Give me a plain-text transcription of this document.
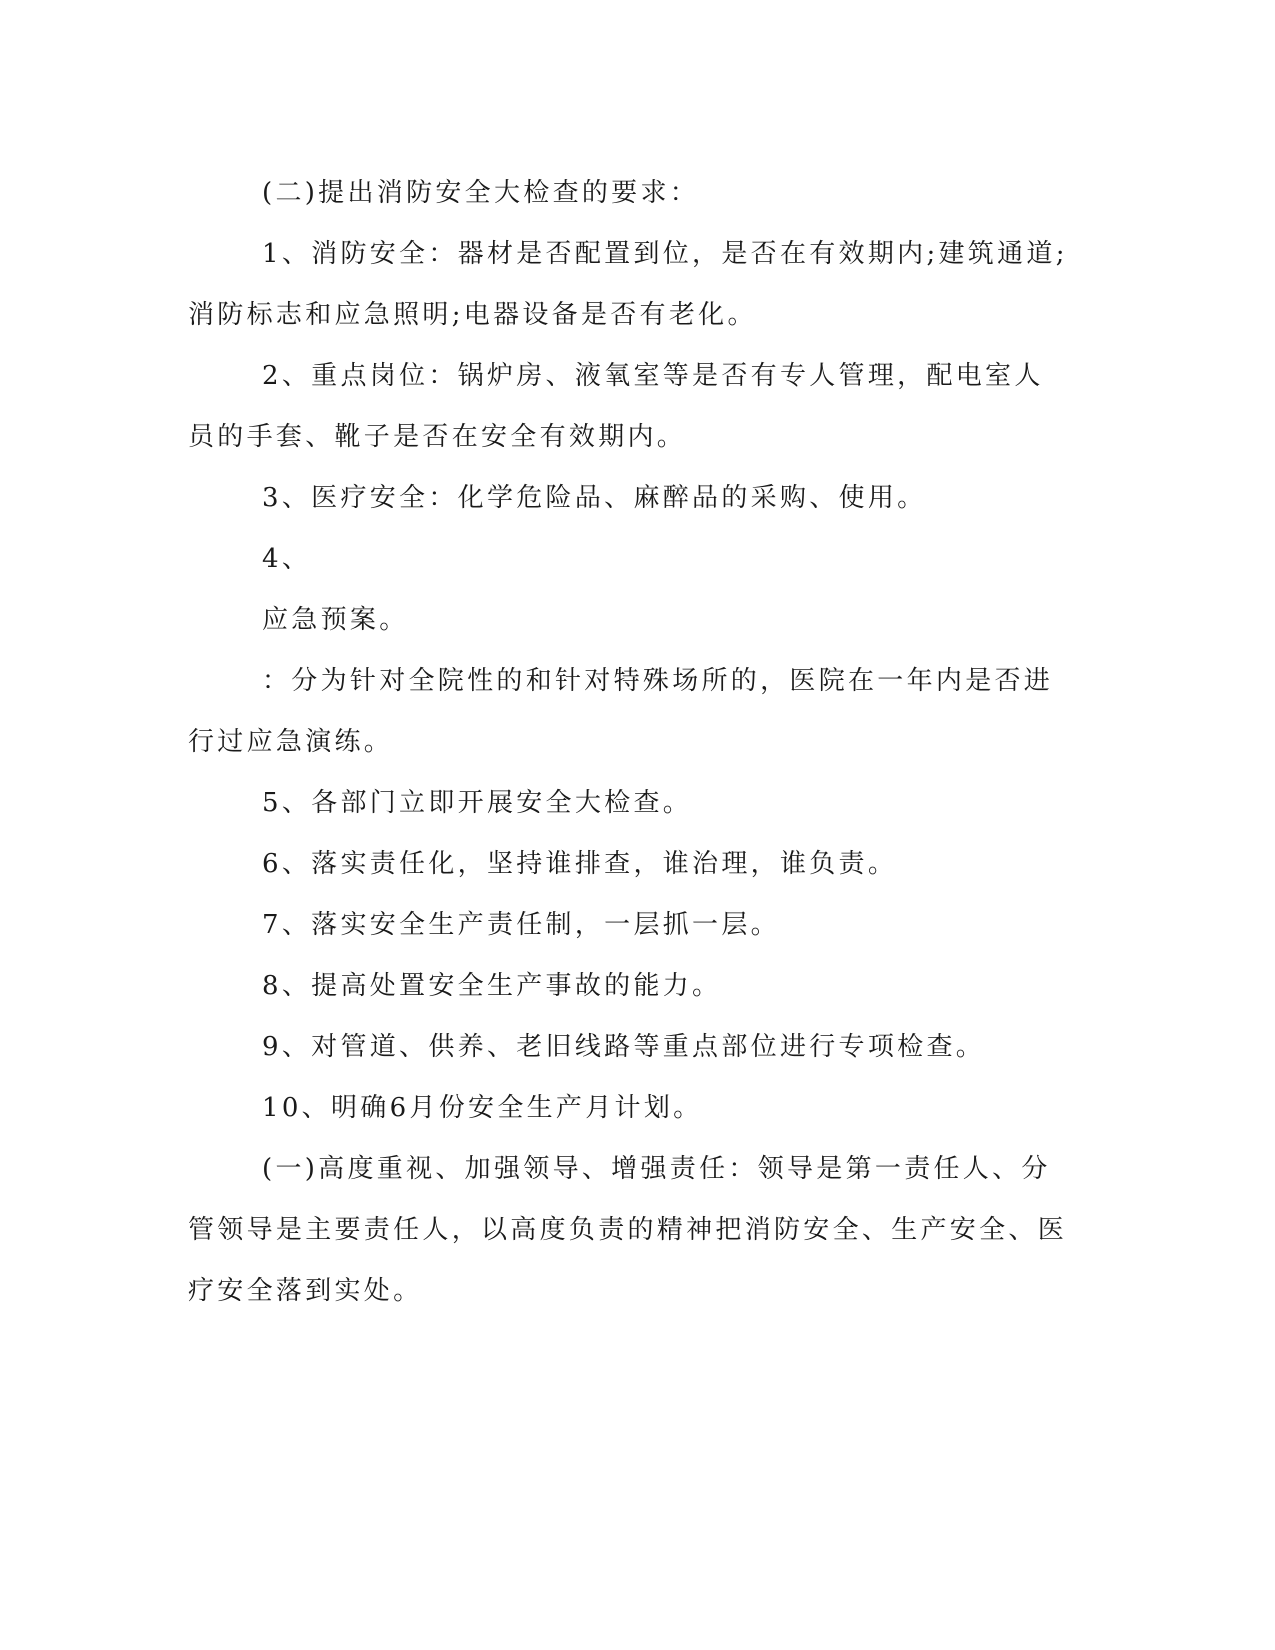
(二)提出消防安全大检查的要求：

1、消防安全：器材是否配置到位，是否在有效期内;建筑通道;消防标志和应急照明;电器设备是否有老化。

2、重点岗位：锅炉房、液氧室等是否有专人管理，配电室人员的手套、靴子是否在安全有效期内。

3、医疗安全：化学危险品、麻醉品的采购、使用。

4、

应急预案。

：分为针对全院性的和针对特殊场所的，医院在一年内是否进行过应急演练。

5、各部门立即开展安全大检查。

6、落实责任化，坚持谁排查，谁治理，谁负责。

7、落实安全生产责任制，一层抓一层。

8、提高处置安全生产事故的能力。

9、对管道、供养、老旧线路等重点部位进行专项检查。

10、明确6月份安全生产月计划。

(一)高度重视、加强领导、增强责任：领导是第一责任人、分管领导是主要责任人，以高度负责的精神把消防安全、生产安全、医疗安全落到实处。
